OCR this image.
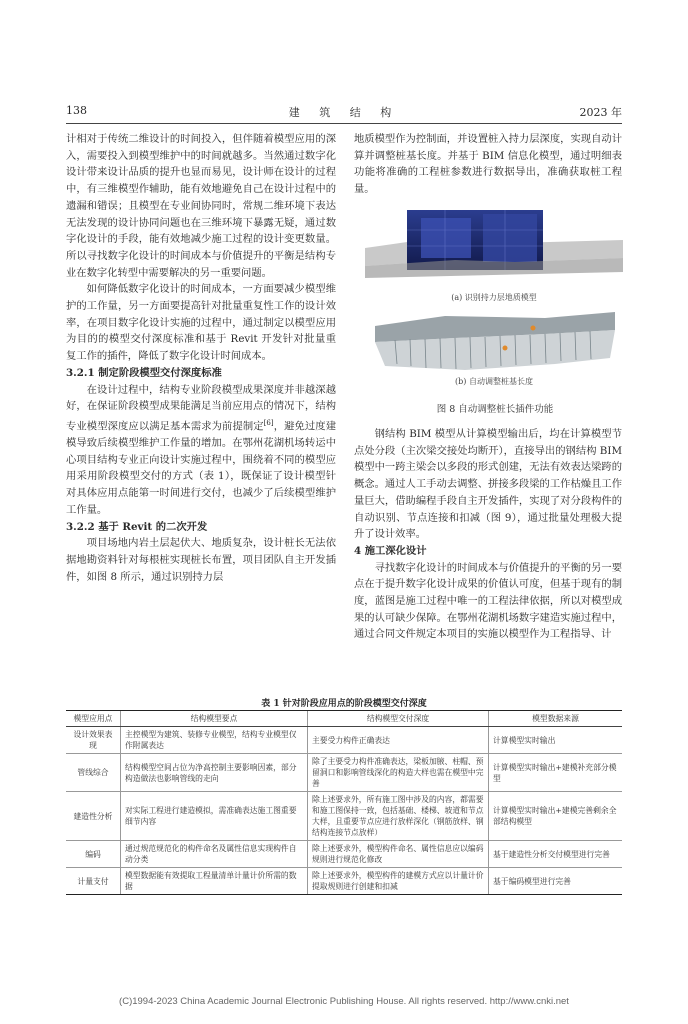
138	建 筑 结 构	2023 年

计相对于传统二维设计的时间投入，但伴随着模型应用的深入，需要投入到模型维护中的时间就越多。当然通过数字化设计带来设计品质的提升也显而易见，设计师在设计的过程中，有三维模型作辅助，能有效地避免自己在设计过程中的遗漏和错误；且模型在专业间协同时，常规二维环境下表达无法发现的设计协同问题也在三维环境下暴露无疑，通过数字化设计的手段，能有效地减少施工过程的设计变更数量。所以寻找数字化设计的时间成本与价值提升的平衡是结构专业在数字化转型中需要解决的另一重要问题。

如何降低数字化设计的时间成本，一方面要减少模型维护的工作量，另一方面要提高针对批量重复性工作的设计效率，在项目数字化设计实施的过程中，通过制定以模型应用为目的的模型交付深度标准和基于 Revit 开发针对批量重复工作的插件，降低了数字化设计时间成本。

3.2.1 制定阶段模型交付深度标准

在设计过程中，结构专业阶段模型成果深度并非越深越好，在保证阶段模型成果能满足当前应用点的情况下，结构专业模型深度应以满足基本需求为前提制定[6]，避免过度建模导致后续模型维护工作量的增加。在鄂州花湖机场转运中心项目结构专业正向设计实施过程中，围绕着不同的模型应用采用阶段模型交付的方式（表 1），既保证了设计模型针对具体应用点能第一时间进行交付，也减少了后续模型维护工作量。

3.2.2 基于 Revit 的二次开发

项目场地内岩土层起伏大、地质复杂，设计桩长无法依据地勘资料针对每根桩实现桩长布置，项目团队自主开发插件，如图 8 所示，通过识别持力层

地质模型作为控制面，并设置桩入持力层深度，实现自动计算并调整桩基长度。并基于 BIM 信息化模型，通过明细表功能将准确的工程桩参数进行数据导出，准确获取桩工程量。

(a) 识别持力层地质模型
(b) 自动调整桩基长度
图 8 自动调整桩长插件功能

钢结构 BIM 模型从计算模型输出后，均在计算模型节点处分段（主次梁交接处均断开），直接导出的钢结构 BIM 模型中一跨主梁会以多段的形式创建，无法有效表达梁跨的概念。通过人工手动去调整、拼接多段梁的工作枯燥且工作量巨大，借助编程手段自主开发插件，实现了对分段构件的自动识别、节点连接和扣减（图 9），通过批量处理极大提升了设计效率。

4 施工深化设计

寻找数字化设计的时间成本与价值提升的平衡的另一要点在于提升数字化设计成果的价值认可度，但基于现有的制度，蓝图是施工过程中唯一的工程法律依据，所以对模型成果的认可缺少保障。在鄂州花湖机场数字建造实施过程中，通过合同文件规定本项目的实施以模型作为工程指导、计

表 1 针对阶段应用点的阶段模型交付深度
模型应用点	结构模型要点	结构模型交付深度	模型数据来源
设计效果表现	主控模型为建筑、装修专业模型，结构专业模型仅作附属表达	主要受力构件正确表达	计算模型实时输出
管线综合	结构模型空间占位为净高控制主要影响因素，部分构造做法也影响管线的走向	除了主要受力构件准确表达，梁板加腋、柱帽、预留洞口和影响管线深化的构造大样也需在模型中完善	计算模型实时输出+建模补充部分模型
建造性分析	对实际工程进行建造模拟，需准确表达施工图重要细节内容	除上述要求外，所有施工图中涉及的内容，都需要和施工图保持一致，包括基础、楼梯、坡道和节点大样，且重要节点应进行放样深化（钢筋放样、钢结构连接节点放样）	计算模型实时输出+建模完善剩余全部结构模型
编码	通过规范规范化的构件命名及属性信息实现构件自动分类	除上述要求外，模型构件命名、属性信息应以编码规则进行规范化修改	基于建造性分析交付模型进行完善
计量支付	模型数据能有效提取工程量清单计量计价所需的数据	除上述要求外，模型构件的建模方式应以计量计价提取规则进行创建和扣减	基于编码模型进行完善
(C)1994-2023 China Academic Journal Electronic Publishing House. All rights reserved. http://www.cnki.net
